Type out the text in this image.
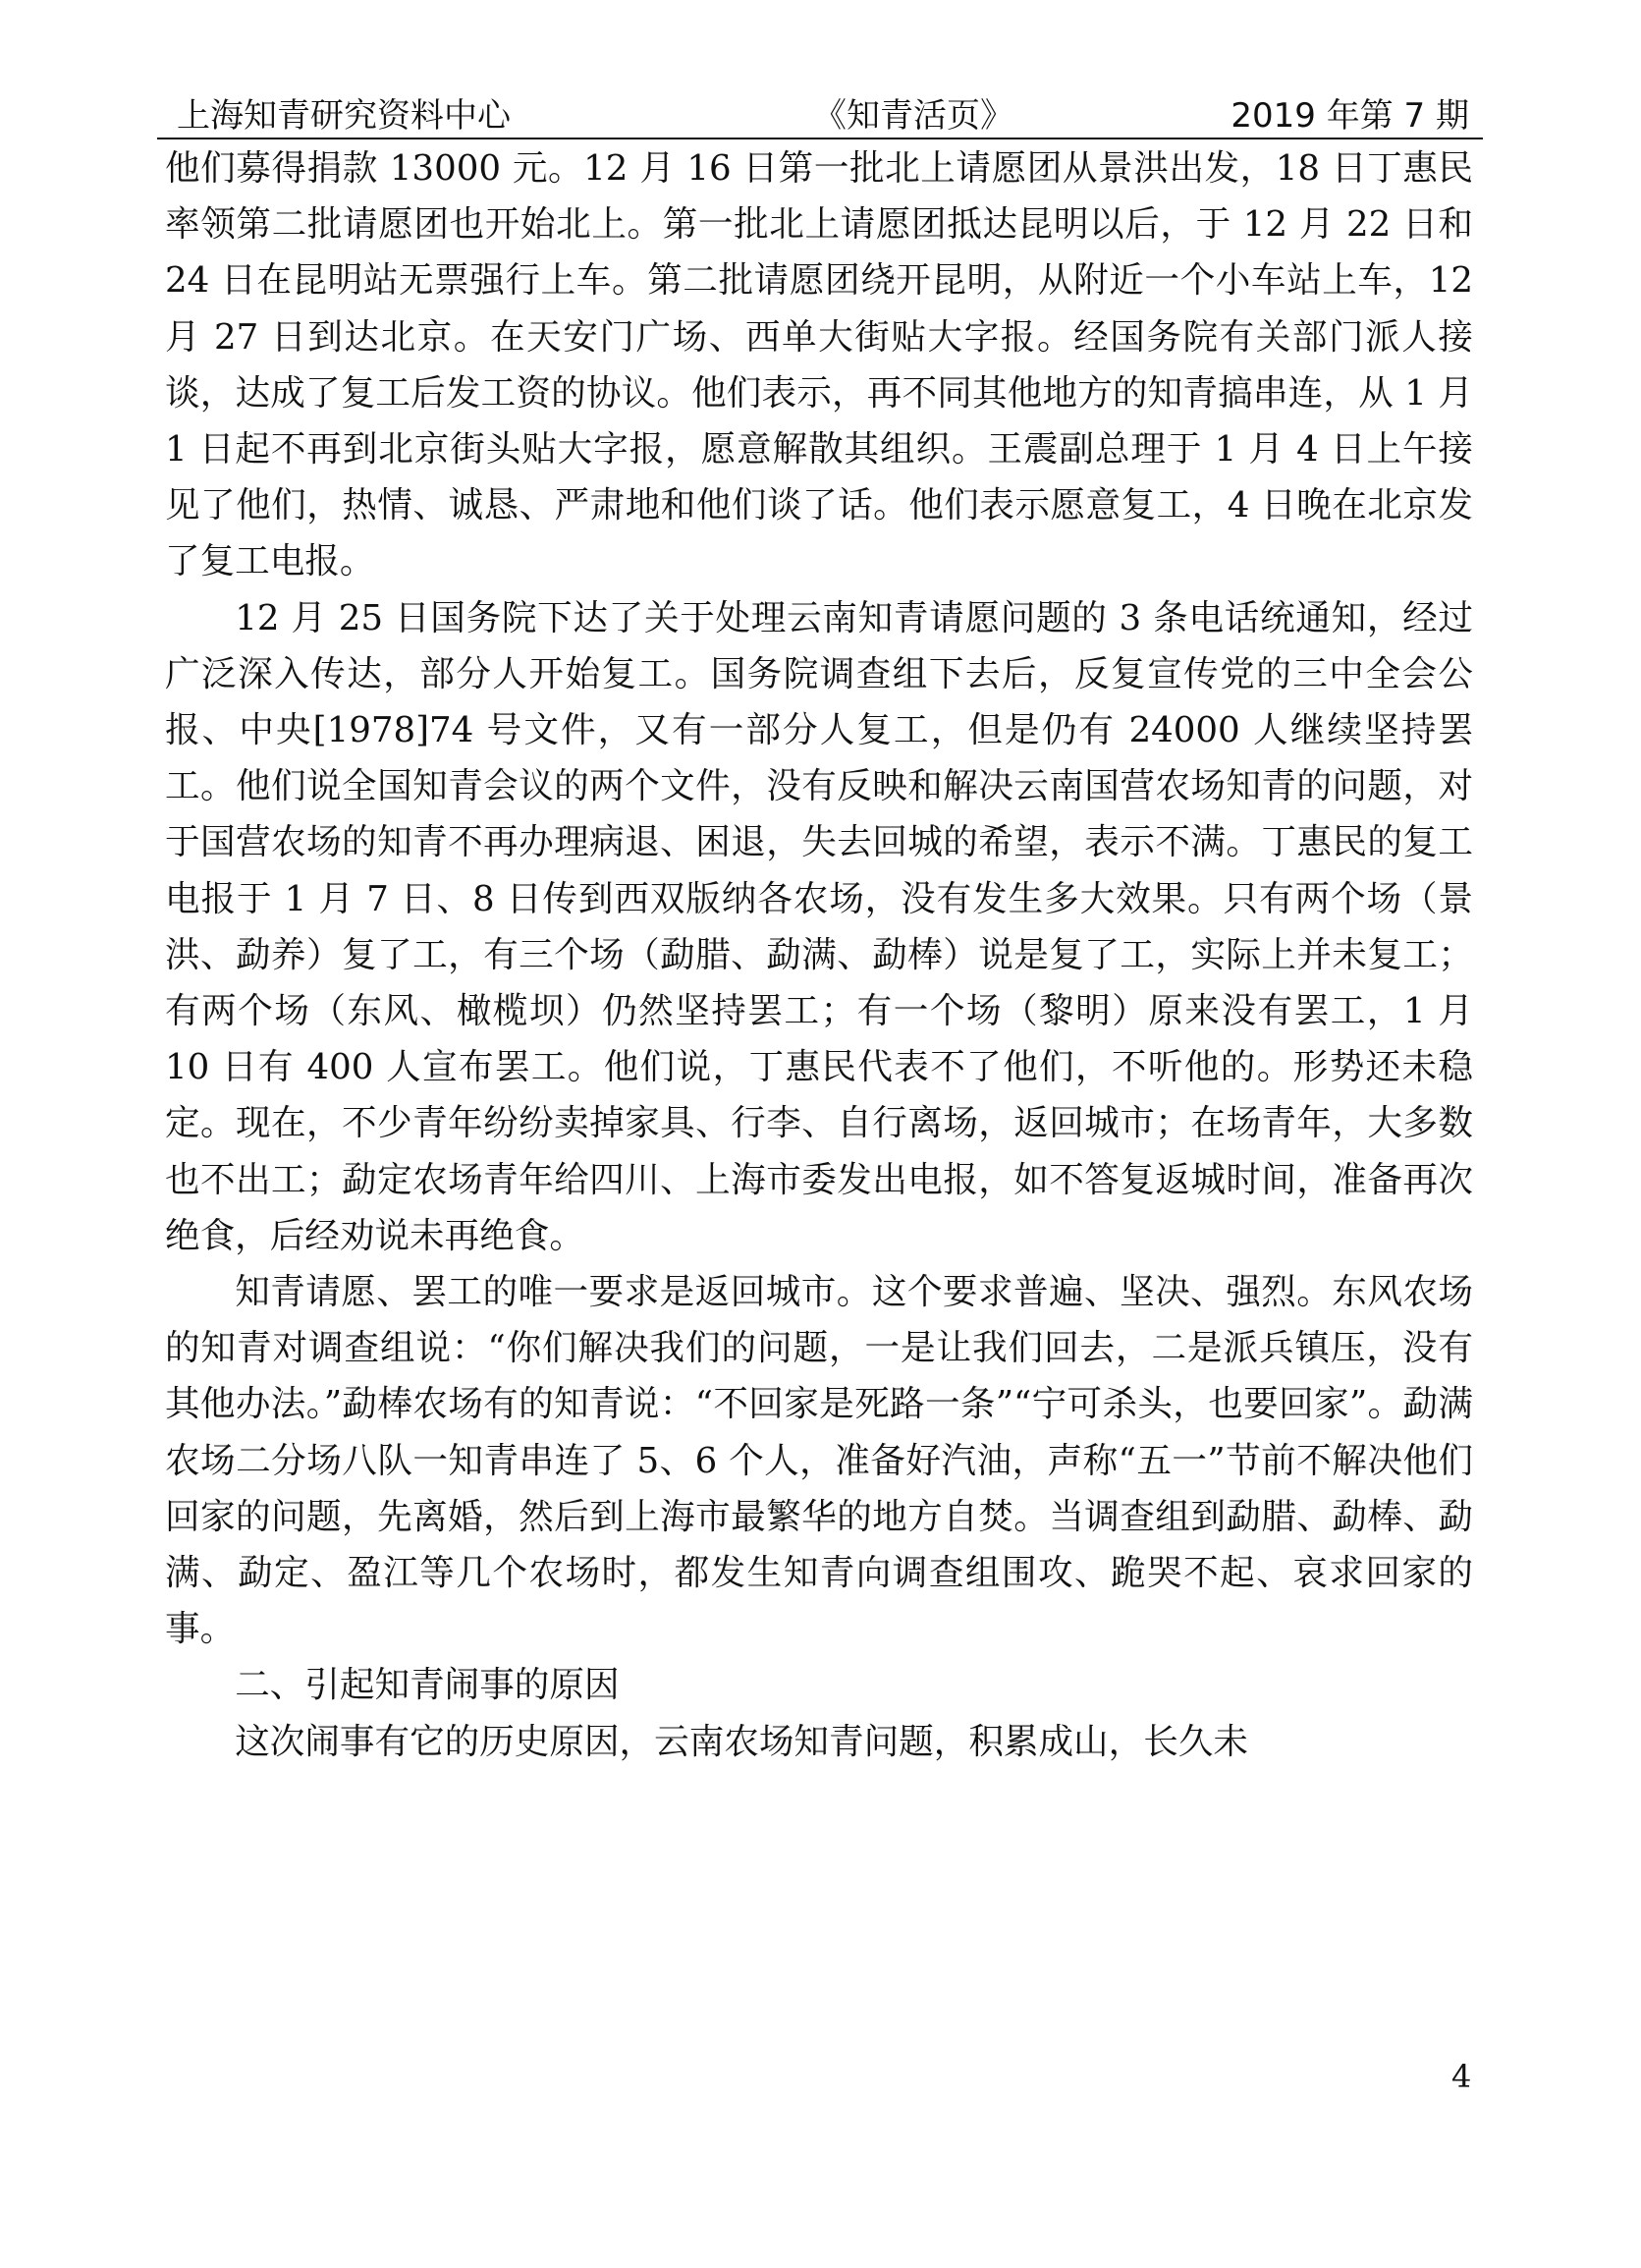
上海知青研究资料中心	《知青活页》	2019 年第 7 期

他们募得捐款 13000 元。12 月 16 日第一批北上请愿团从景洪出发，18 日丁惠民率领第二批请愿团也开始北上。第一批北上请愿团抵达昆明以后，于 12 月 22 日和 24 日在昆明站无票强行上车。第二批请愿团绕开昆明，从附近一个小车站上车，12 月 27 日到达北京。在天安门广场、西单大街贴大字报。经国务院有关部门派人接谈，达成了复工后发工资的协议。他们表示，再不同其他地方的知青搞串连，从 1 月 1 日起不再到北京街头贴大字报，愿意解散其组织。王震副总理于 1 月 4 日上午接见了他们，热情、诚恳、严肃地和他们谈了话。他们表示愿意复工，4 日晚在北京发了复工电报。

12 月 25 日国务院下达了关于处理云南知青请愿问题的 3 条电话统通知，经过广泛深入传达，部分人开始复工。国务院调查组下去后，反复宣传党的三中全会公报、中央[1978]74 号文件，又有一部分人复工，但是仍有 24000 人继续坚持罢工。他们说全国知青会议的两个文件，没有反映和解决云南国营农场知青的问题，对于国营农场的知青不再办理病退、困退，失去回城的希望，表示不满。丁惠民的复工电报于 1 月 7 日、8 日传到西双版纳各农场，没有发生多大效果。只有两个场（景洪、勐养）复了工，有三个场（勐腊、勐满、勐棒）说是复了工，实际上并未复工；有两个场（东风、橄榄坝）仍然坚持罢工；有一个场（黎明）原来没有罢工，1 月 10 日有 400 人宣布罢工。他们说，丁惠民代表不了他们，不听他的。形势还未稳定。现在，不少青年纷纷卖掉家具、行李、自行离场，返回城市；在场青年，大多数也不出工；勐定农场青年给四川、上海市委发出电报，如不答复返城时间，准备再次绝食，后经劝说未再绝食。

知青请愿、罢工的唯一要求是返回城市。这个要求普遍、坚决、强烈。东风农场的知青对调查组说：“你们解决我们的问题，一是让我们回去，二是派兵镇压，没有其他办法。”勐棒农场有的知青说：“不回家是死路一条”“宁可杀头，也要回家”。勐满农场二分场八队一知青串连了 5、6 个人，准备好汽油，声称“五一”节前不解决他们回家的问题，先离婚，然后到上海市最繁华的地方自焚。当调查组到勐腊、勐棒、勐满、勐定、盈江等几个农场时，都发生知青向调查组围攻、跪哭不起、哀求回家的事。

二、引起知青闹事的原因

这次闹事有它的历史原因，云南农场知青问题，积累成山，长久未

4
